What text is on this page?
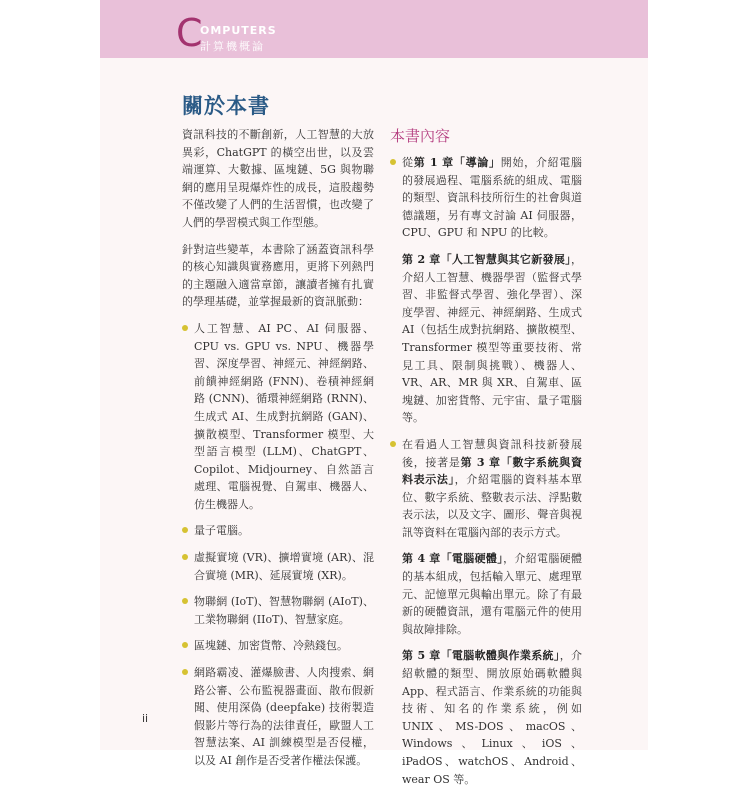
C
OMPUTERS
計算機概論
關於本書

資訊科技的不斷創新，人工智慧的大放異彩，ChatGPT 的橫空出世，以及雲端運算、大數據、區塊鏈、5G 與物聯網的應用呈現爆炸性的成長，這股趨勢不僅改變了人們的生活習慣，也改變了人們的學習模式與工作型態。

針對這些變革，本書除了涵蓋資訊科學的核心知識與實務應用，更將下列熱門的主題融入適當章節，讓讀者擁有扎實的學理基礎，並掌握最新的資訊脈動：

人工智慧、AI PC、AI 伺服器、CPU vs. GPU vs. NPU、機器學習、深度學習、神經元、神經網路、前饋神經網路 (FNN)、卷積神經網路 (CNN)、循環神經網路 (RNN)、生成式 AI、生成對抗網路 (GAN)、擴散模型、Transformer 模型、大型語言模型 (LLM)、ChatGPT、Copilot、Midjourney、自然語言處理、電腦視覺、自駕車、機器人、仿生機器人。
量子電腦。
虛擬實境 (VR)、擴增實境 (AR)、混合實境 (MR)、延展實境 (XR)。
物聯網 (IoT)、智慧物聯網 (AIoT)、工業物聯網 (IIoT)、智慧家庭。
區塊鏈、加密貨幣、冷熱錢包。
網路霸凌、灌爆臉書、人肉搜索、網路公審、公布監視器畫面、散布假新聞、使用深偽 (deepfake) 技術製造假影片等行為的法律責任，歐盟人工智慧法案、AI 訓練模型是否侵權，以及 AI 創作是否受著作權法保護。
本書內容

從第 1 章「導論」開始，介紹電腦的發展過程、電腦系統的組成、電腦的類型、資訊科技所衍生的社會與道德議題，另有專文討論 AI 伺服器，CPU、GPU 和 NPU 的比較。

第 2 章「人工智慧與其它新發展」，介紹人工智慧、機器學習（監督式學習、非監督式學習、強化學習）、深度學習、神經元、神經網路、生成式 AI（包括生成對抗網路、擴散模型、Transformer 模型等重要技術、常見工具、限制與挑戰）、機器人、VR、AR、MR 與 XR、自駕車、區塊鏈、加密貨幣、元宇宙、量子電腦等。

在看過人工智慧與資訊科技新發展後，接著是第 3 章「數字系統與資料表示法」，介紹電腦的資料基本單位、數字系統、整數表示法、浮點數表示法，以及文字、圖形、聲音與視訊等資料在電腦內部的表示方式。

第 4 章「電腦硬體」，介紹電腦硬體的基本組成，包括輸入單元、處理單元、記憶單元與輸出單元。除了有最新的硬體資訊，還有電腦元件的使用與故障排除。

第 5 章「電腦軟體與作業系統」，介紹軟體的類型、開放原始碼軟體與 App、程式語言、作業系統的功能與技術、知名的作業系統，例如 UNIX、MS-DOS、macOS、Windows、Linux、iOS、iPadOS、watchOS、Android、wear OS 等。

ii
